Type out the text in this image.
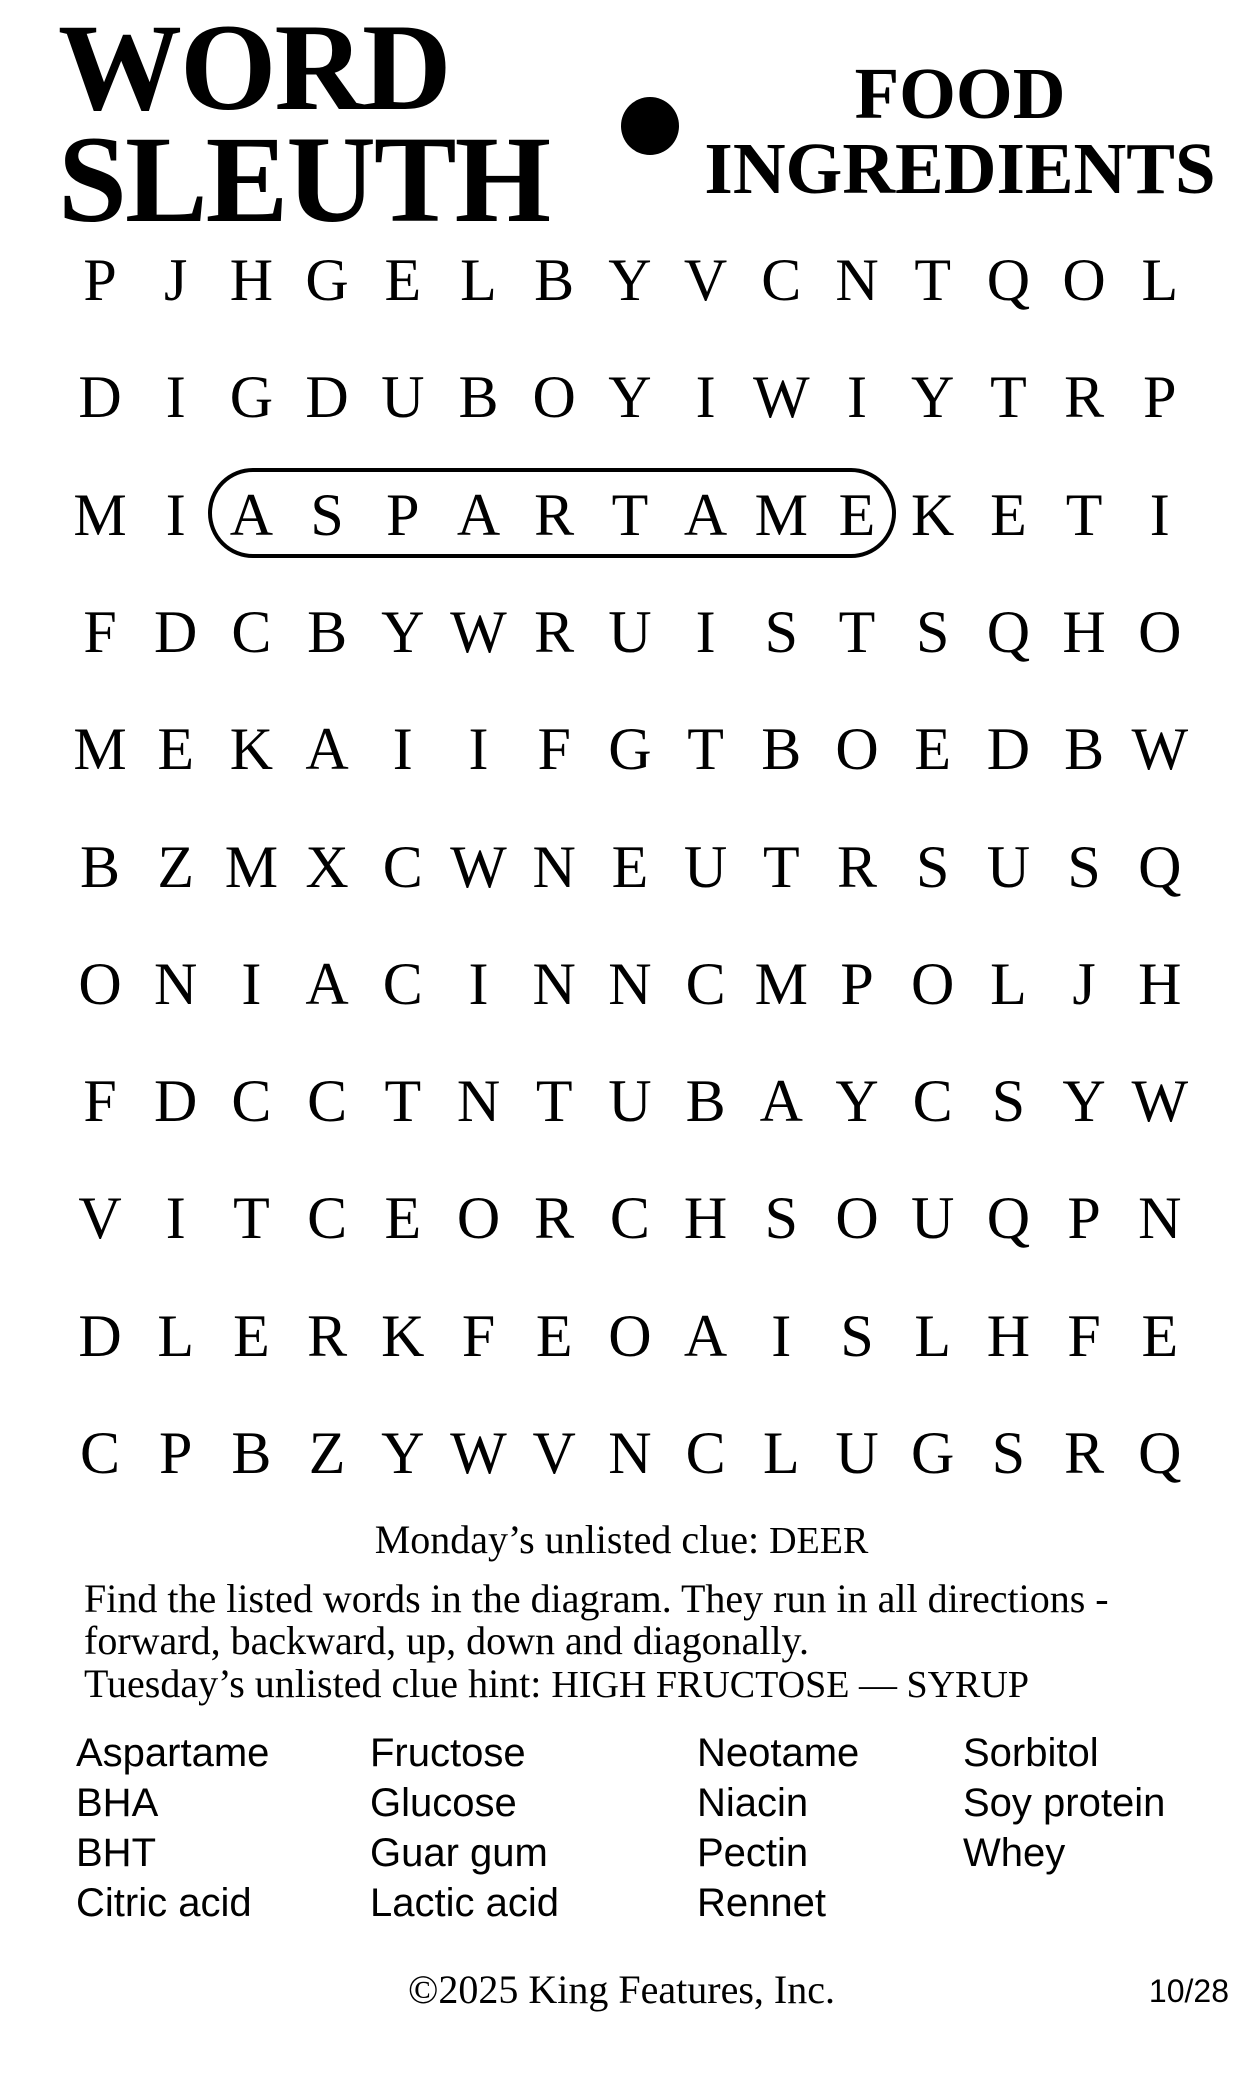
WORD
SLEUTH
FOOD
INGREDIENTS
P J H G E L B Y V C N T Q O L
D I G D U B O Y I W I Y T R P
M I A S P A R T A M E K E T I
F D C B Y W R U I S T S Q H O
M E K A I I F G T B O E D B W
B Z M X C W N E U T R S U S Q
O N I A C I N N C M P O L J H
F D C C T N T U B A Y C S Y W
V I T C E O R C H S O U Q P N
D L E R K F E O A I S L H F E
C P B Z Y W V N C L U G S R Q
Monday’s unlisted clue: DEER
Find the listed words in the diagram. They run in all directions - forward, backward, up, down and diagonally.
Tuesday’s unlisted clue hint: HIGH FRUCTOSE — SYRUP
Aspartame
BHA
BHT
Citric acid
Fructose
Glucose
Guar gum
Lactic acid
Neotame
Niacin
Pectin
Rennet
Sorbitol
Soy protein
Whey
©2025 King Features, Inc.	10/28
